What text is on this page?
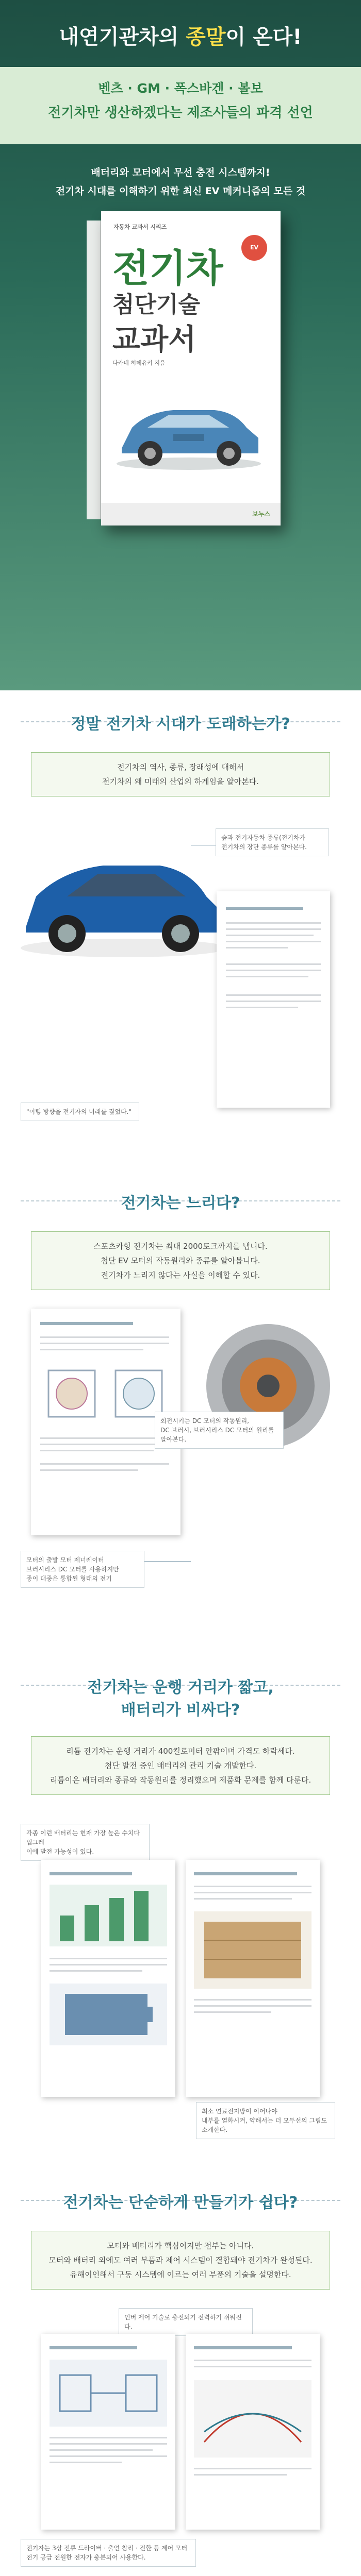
내연기관차의 종말이 온다!
벤츠 · GM · 폭스바겐 · 볼보
전기차만 생산하겠다는 제조사들의 파격 선언
배터리와 모터에서 무선 충전 시스템까지!
전기차 시대를 이해하기 위한 최신 EV 메커니즘의 모든 것
자동차 교과서 시리즈
전기차
첨단기술
교과서
EV
다카네 히데유키 지음
보누스
정말 전기차 시대가 도래하는가?
전기차의 역사, 종류, 장래성에 대해서
전기차의 왜 미래의 산업의 하게임을 알아본다.
숲과 전기자동차 종류(전기차가
전기차의 장단 종류를 알아본다.
"이렇 방향을 전기자의 미래를 짚었다."
전기차는 느리다?
스포츠카형 전기차는 최대 2000토크까지를 냅니다.
첨단 EV 모터의 작동원리와 종류를 알아봅니다.
전기차가 느리지 않다는 사실을 이해할 수 있다.
회전시키는 DC 모터의 작동원리,
DC 브러시, 브러시리스 DC 모터의 원리를 알아본다.
모터의 출발 모터 제너레이터
브러시리스 DC 모터를 사용하지만
종이 대중은 통합된 형태의 전기
전기차는 운행 거리가 짧고,
배터리가 비싸다?
리튬 전기차는 운행 거리가 400킬로미터 안팎이며 가격도 하락세다.
첨단 발전 중인 배터리의 관리 기술 개발한다.
리튬이온 배터리와 종류와 작동원리를 정리했으며 제품화 문제를 함께 다룬다.
각종 이런 배터리는 현재 가장 높은 수치다 업그레
이에 발전 가능성이 있다.
최소 연료전지방이 이어나야
내부를 열화시켜, 약해서는 더 모두선의 그림도 소개한다.
전기차는 단순하게 만들기가 쉽다?
모터와 배터리가 핵심이지만 전부는 아니다.
모터와 배터리 외에도 여러 부품과 제어 시스템이 결합돼야 전기차가 완성된다.
유해이인해서 구동 시스템에 이르는 여러 부품의 기술을 설명한다.
인버 제어 기술로 충전되기 전력하기 쉬워진다.
전기자는 3상 전류 드라이버 · 출연 참리 · 전환 등 제어 모터
전기 공급 전원한 전자가 충분되어 사용한다.
